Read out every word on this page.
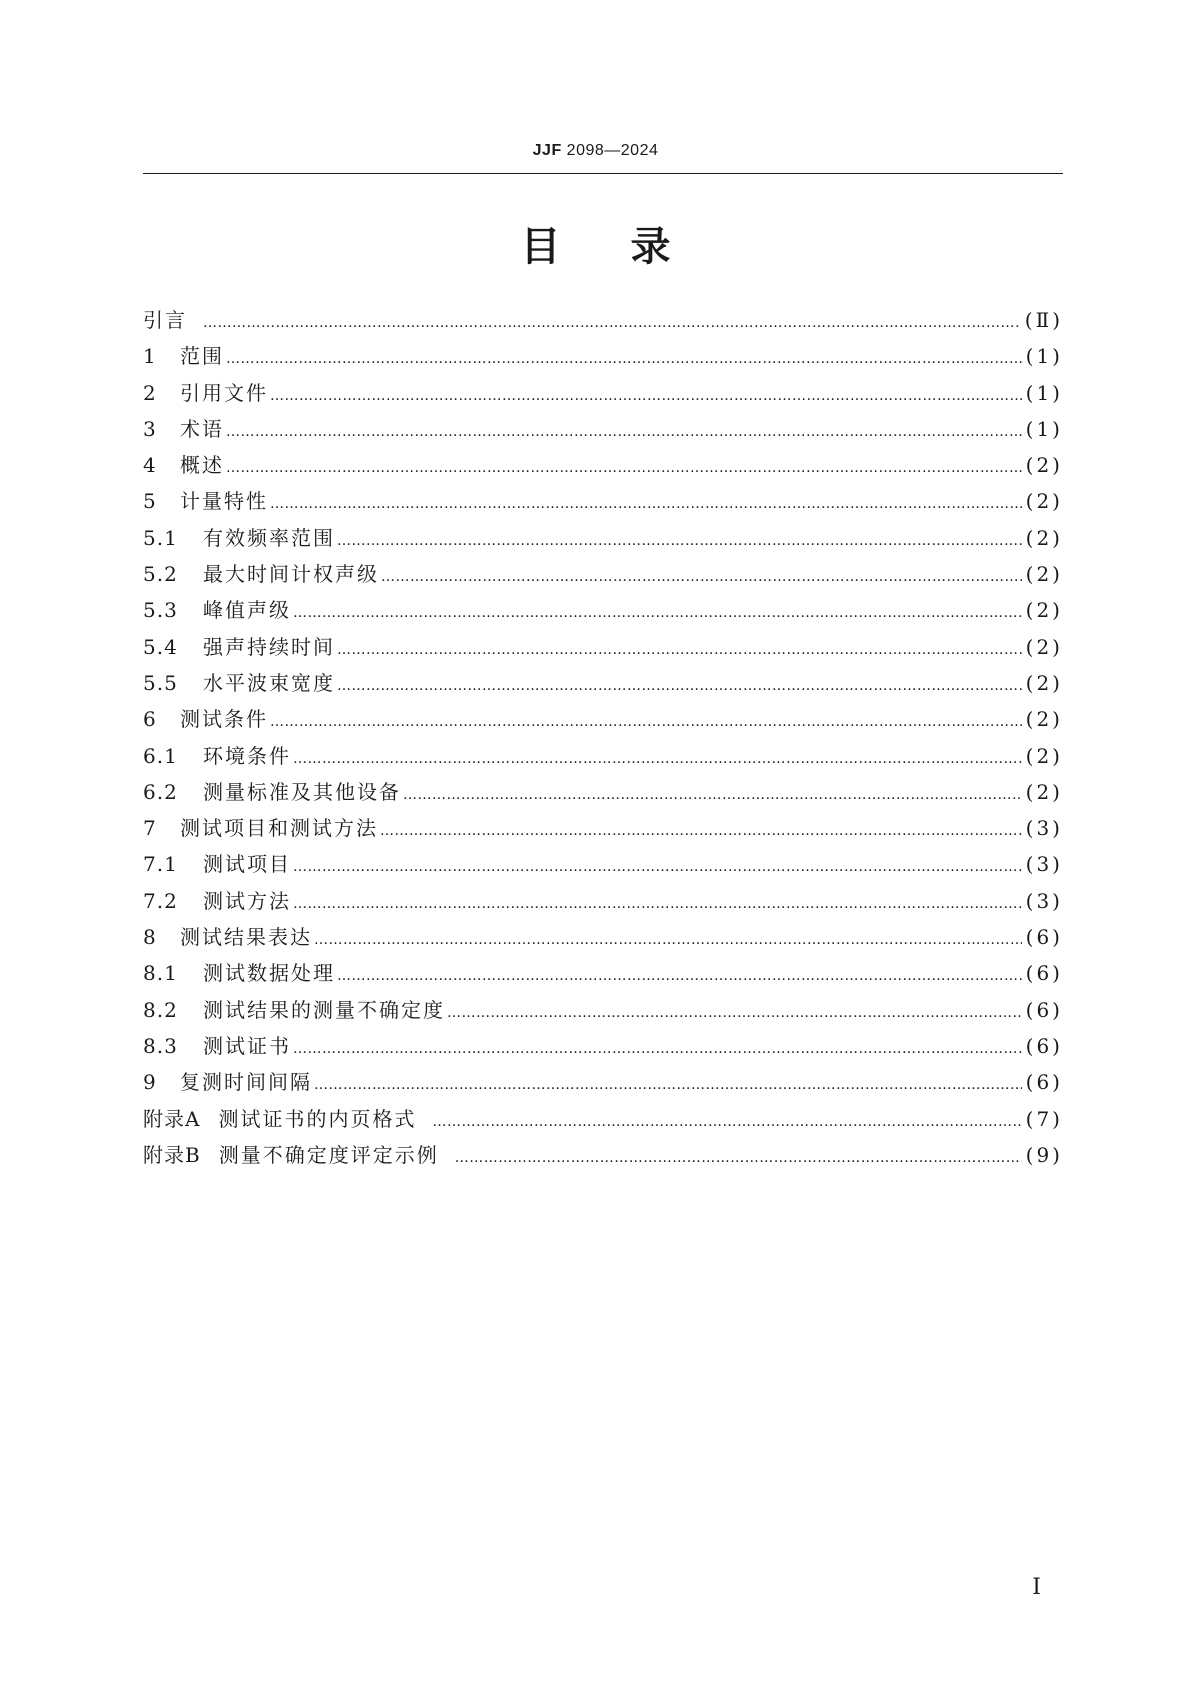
JJF 2098—2024
目录
引言 ……………………………………………………………………………………………………………………………………………………………………………………………………………………………………	(Ⅱ)
1	范围 ……………………………………………………………………………………………………………………………………………………………………………………………………………………………………	(1)
2	引用文件 ……………………………………………………………………………………………………………………………………………………………………………………………………………………………………	(1)
3	术语 ……………………………………………………………………………………………………………………………………………………………………………………………………………………………………	(1)
4	概述 ……………………………………………………………………………………………………………………………………………………………………………………………………………………………………	(2)
5	计量特性 ……………………………………………………………………………………………………………………………………………………………………………………………………………………………………	(2)
5.1	有效频率范围 ……………………………………………………………………………………………………………………………………………………………………………………………………………………………………	(2)
5.2	最大时间计权声级 ……………………………………………………………………………………………………………………………………………………………………………………………………………………………………	(2)
5.3	峰值声级 ……………………………………………………………………………………………………………………………………………………………………………………………………………………………………	(2)
5.4	强声持续时间 ……………………………………………………………………………………………………………………………………………………………………………………………………………………………………	(2)
5.5	水平波束宽度 ……………………………………………………………………………………………………………………………………………………………………………………………………………………………………	(2)
6	测试条件 ……………………………………………………………………………………………………………………………………………………………………………………………………………………………………	(2)
6.1	环境条件 ……………………………………………………………………………………………………………………………………………………………………………………………………………………………………	(2)
6.2	测量标准及其他设备 ……………………………………………………………………………………………………………………………………………………………………………………………………………………………………	(2)
7	测试项目和测试方法 ……………………………………………………………………………………………………………………………………………………………………………………………………………………………………	(3)
7.1	测试项目 ……………………………………………………………………………………………………………………………………………………………………………………………………………………………………	(3)
7.2	测试方法 ……………………………………………………………………………………………………………………………………………………………………………………………………………………………………	(3)
8	测试结果表达 ……………………………………………………………………………………………………………………………………………………………………………………………………………………………………	(6)
8.1	测试数据处理 ……………………………………………………………………………………………………………………………………………………………………………………………………………………………………	(6)
8.2	测试结果的测量不确定度 ……………………………………………………………………………………………………………………………………………………………………………………………………………………………………	(6)
8.3	测试证书 ……………………………………………………………………………………………………………………………………………………………………………………………………………………………………	(6)
9	复测时间间隔 ……………………………………………………………………………………………………………………………………………………………………………………………………………………………………	(6)
附录A 测试证书的内页格式 ……………………………………………………………………………………………………………………………………………………………………………………………………………………………………	(7)
附录B 测量不确定度评定示例 ……………………………………………………………………………………………………………………………………………………………………………………………………………………………………	(9)
Ⅰ
